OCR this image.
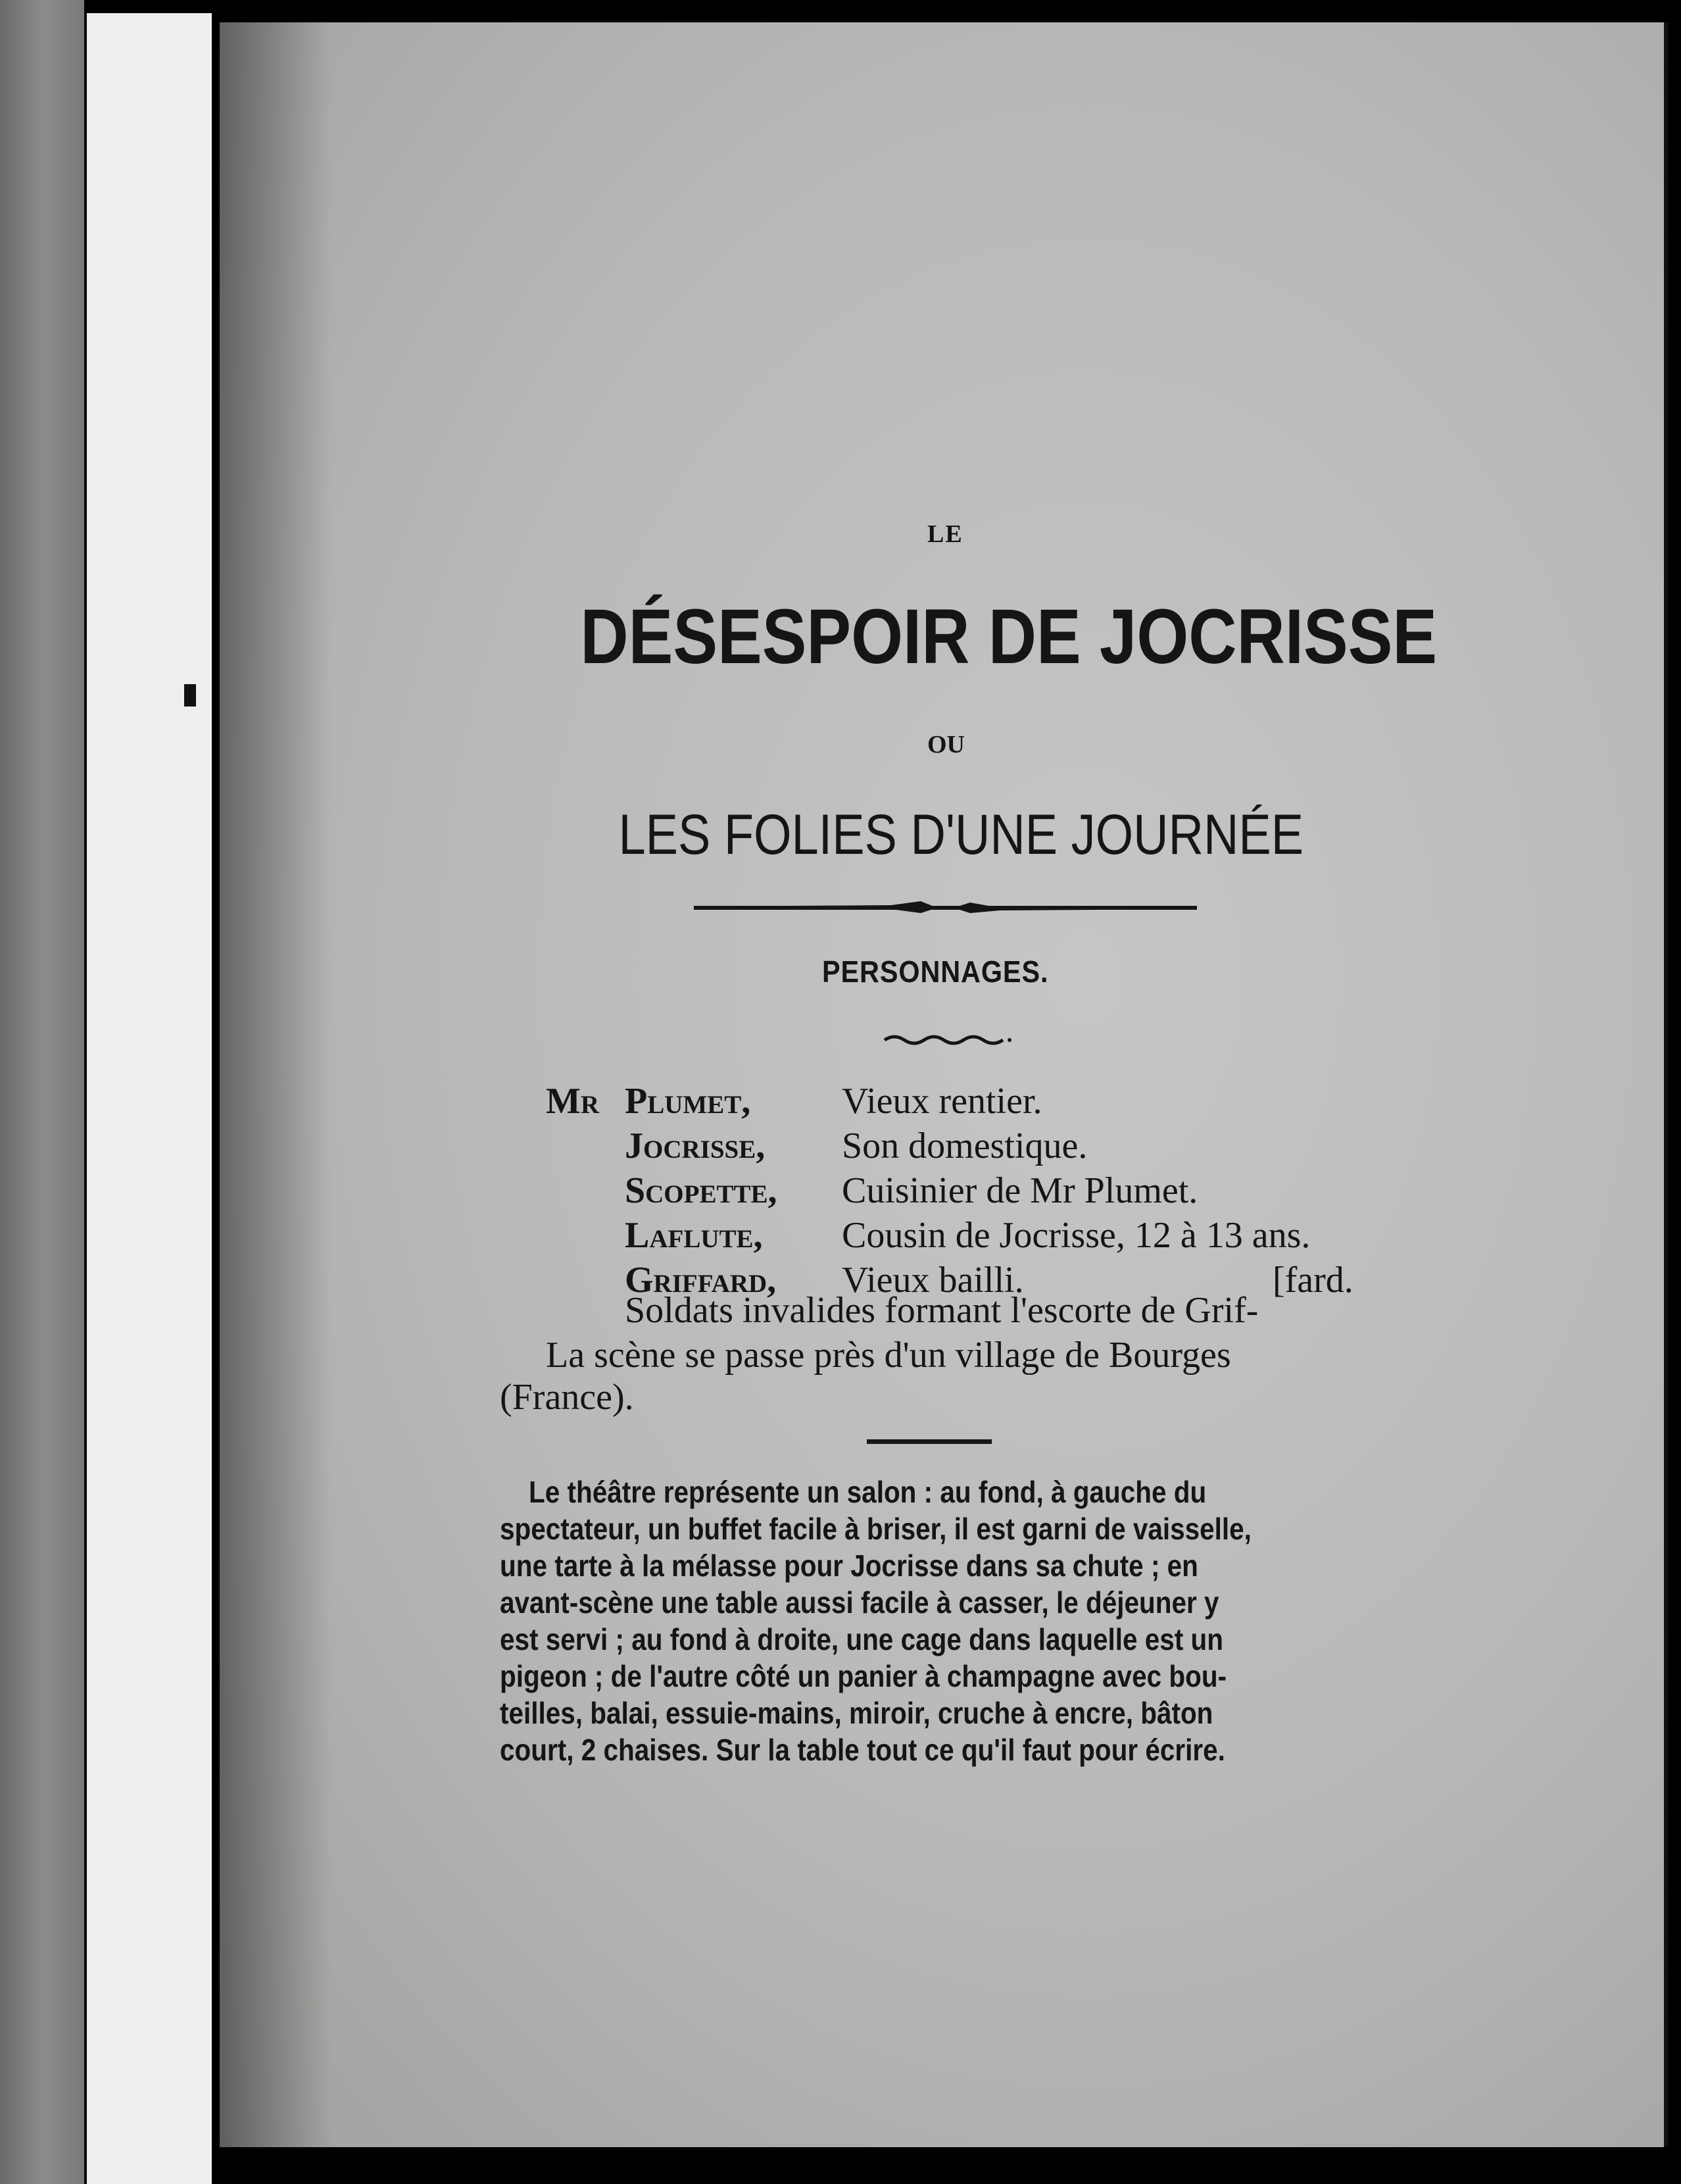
LE
DÉSESPOIR DE JOCRISSE
OU
LES FOLIES D'UNE JOURNÉE
PERSONNAGES.
Mr Plumet, Vieux rentier.
Jocrisse, Son domestique.
Scopette, Cuisinier de Mr Plumet.
Laflute, Cousin de Jocrisse, 12 à 13 ans.
Griffard, Vieux bailli.	[fard.
Soldats invalides formant l'escorte de Grif-
La scène se passe près d'un village de Bourges
(France).
Le théâtre représente un salon : au fond, à gauche du
spectateur, un buffet facile à briser, il est garni de vaisselle,
une tarte à la mélasse pour Jocrisse dans sa chute ; en
avant-scène une table aussi facile à casser, le déjeuner y
est servi ; au fond à droite, une cage dans laquelle est un
pigeon ; de l'autre côté un panier à champagne avec bou-
teilles, balai, essuie-mains, miroir, cruche à encre, bâton
court, 2 chaises. Sur la table tout ce qu'il faut pour écrire.
